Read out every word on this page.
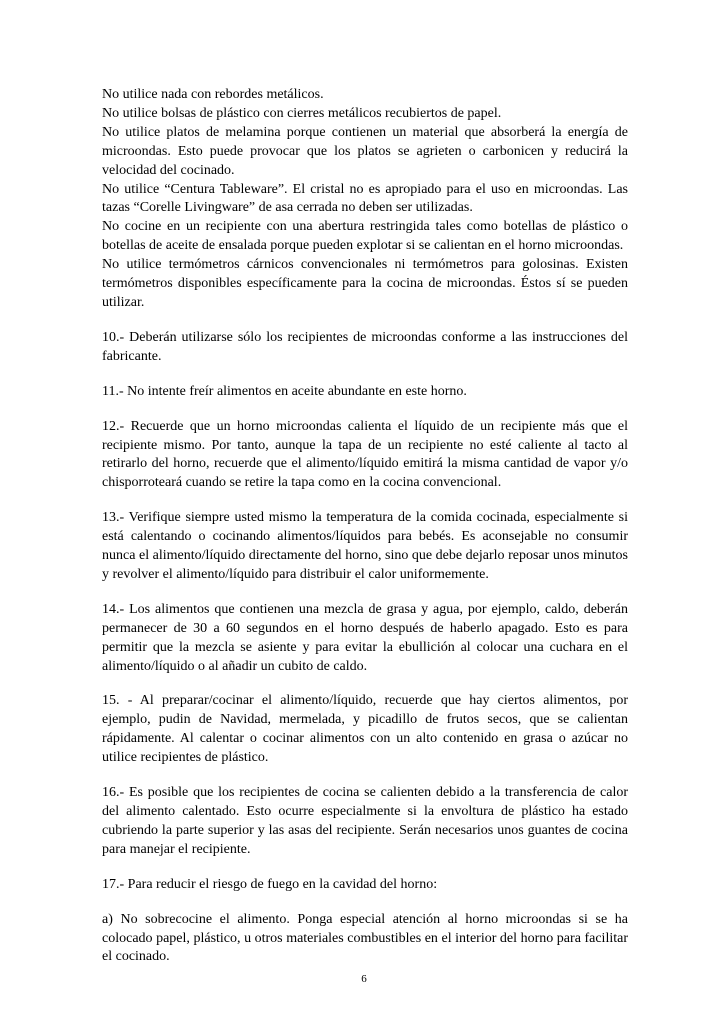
No utilice nada con rebordes metálicos.

No utilice bolsas de plástico con cierres metálicos recubiertos de papel.

No utilice platos de melamina porque contienen un material que absorberá la energía de microondas. Esto puede provocar que los platos se agrieten o carbonicen y reducirá la velocidad del cocinado.

No utilice “Centura Tableware”. El cristal no es apropiado para el uso en microondas. Las tazas “Corelle Livingware” de asa cerrada no deben ser utilizadas.

No cocine en un recipiente con una abertura restringida tales como botellas de plástico o botellas de aceite de ensalada porque pueden explotar si se calientan en el horno microondas.

No utilice termómetros cárnicos convencionales ni termómetros para golosinas. Existen termómetros disponibles específicamente para la cocina de microondas. Éstos sí se pueden utilizar.

10.- Deberán utilizarse sólo los recipientes de microondas conforme a las instrucciones del fabricante.

11.- No intente freír alimentos en aceite abundante en este horno.

12.- Recuerde que un horno microondas calienta el líquido de un recipiente más que el recipiente mismo. Por tanto, aunque la tapa de un recipiente no esté caliente al tacto al retirarlo del horno, recuerde que el alimento/líquido emitirá la misma cantidad de vapor y/o chisporroteará cuando se retire la tapa como en la cocina convencional.

13.- Verifique siempre usted mismo la temperatura de la comida cocinada, especialmente si está calentando o cocinando alimentos/líquidos para bebés. Es aconsejable no consumir nunca el alimento/líquido directamente del horno, sino que debe dejarlo reposar unos minutos y revolver el alimento/líquido para distribuir el calor uniformemente.

14.- Los alimentos que contienen una mezcla de grasa y agua, por ejemplo, caldo, deberán permanecer de 30 a 60 segundos en el horno después de haberlo apagado. Esto es para permitir que la mezcla se asiente y para evitar la ebullición al colocar una cuchara en el alimento/líquido o al añadir un cubito de caldo.

15. - Al preparar/cocinar el alimento/líquido, recuerde que hay ciertos alimentos, por ejemplo, pudin de Navidad, mermelada, y picadillo de frutos secos, que se calientan rápidamente. Al calentar o cocinar alimentos con un alto contenido en grasa o azúcar no utilice recipientes de plástico.

16.- Es posible que los recipientes de cocina se calienten debido a la transferencia de calor del alimento calentado. Esto ocurre especialmente si la envoltura de plástico ha estado cubriendo la parte superior y las asas del recipiente. Serán necesarios unos guantes de cocina para manejar el recipiente.

17.- Para reducir el riesgo de fuego en la cavidad del horno:

a) No sobrecocine el alimento. Ponga especial atención al horno microondas si se ha colocado papel, plástico, u otros materiales combustibles en el interior del horno para facilitar el cocinado.

6
